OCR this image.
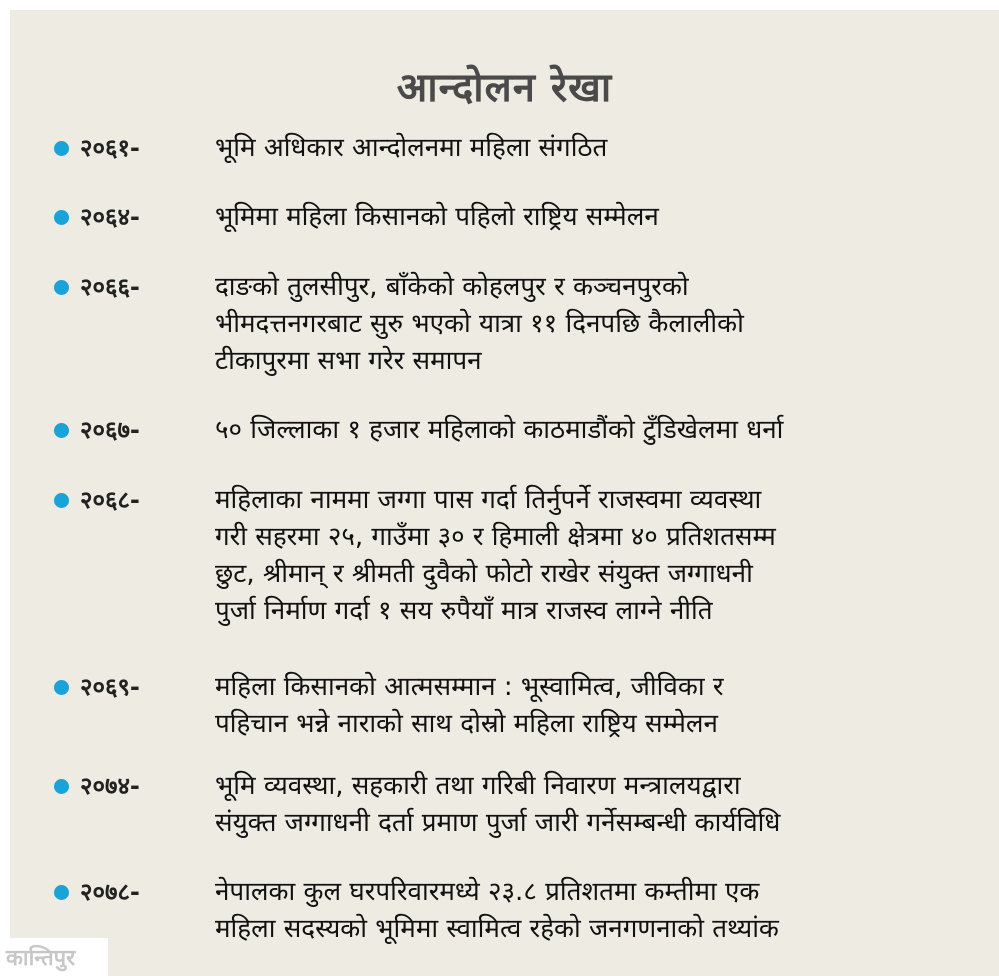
आन्दोलन रेखा
२०६१-	भूमि अधिकार आन्दोलनमा महिला संगठित
२०६४-	भूमिमा महिला किसानको पहिलो राष्ट्रिय सम्मेलन
२०६६-	दाङको तुलसीपुर, बाँकेको कोहलपुर र कञ्चनपुरको
भीमदत्तनगरबाट सुरु भएको यात्रा ११ दिनपछि कैलालीको
टीकापुरमा सभा गरेर समापन
२०६७-	५० जिल्लाका १ हजार महिलाको काठमाडौंको टुँडिखेलमा धर्ना
२०६८-	महिलाका नाममा जग्गा पास गर्दा तिर्नुपर्ने राजस्वमा व्यवस्था
गरी सहरमा २५, गाउँमा ३० र हिमाली क्षेत्रमा ४० प्रतिशतसम्म
छुट, श्रीमान् र श्रीमती दुवैको फोटो राखेर संयुक्त जग्गाधनी
पुर्जा निर्माण गर्दा १ सय रुपैयाँ मात्र राजस्व लाग्ने नीति
२०६९-	महिला किसानको आत्मसम्मान : भूस्वामित्व, जीविका र
पहिचान भन्ने नाराको साथ दोस्रो महिला राष्ट्रिय सम्मेलन
२०७४-	भूमि व्यवस्था, सहकारी तथा गरिबी निवारण मन्त्रालयद्वारा
संयुक्त जग्गाधनी दर्ता प्रमाण पुर्जा जारी गर्नेसम्बन्धी कार्यविधि
२०७८-	नेपालका कुल घरपरिवारमध्ये २३.८ प्रतिशतमा कम्तीमा एक
महिला सदस्यको भूमिमा स्वामित्व रहेको जनगणनाको तथ्यांक
कान्तिपुर
